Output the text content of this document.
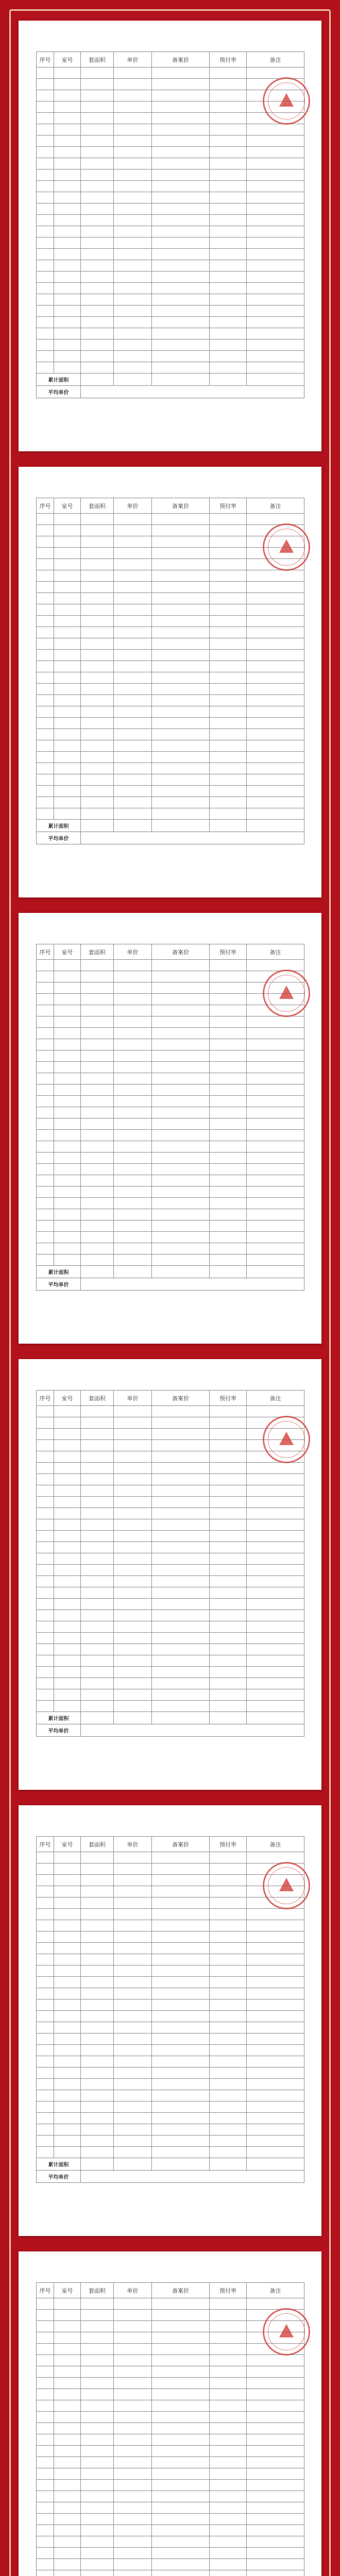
序号	室号	套面积	单价	备案价	预付率	备注

累计面积						
平均单价						
序号	室号	套面积	单价	备案价	预付率	备注

累计面积						
平均单价						
序号	室号	套面积	单价	备案价	预付率	备注

累计面积						
平均单价						
序号	室号	套面积	单价	备案价	预付率	备注

累计面积						
平均单价						
序号	室号	套面积	单价	备案价	预付率	备注

累计面积						
平均单价						
序号	室号	套面积	单价	备案价	预付率	备注
